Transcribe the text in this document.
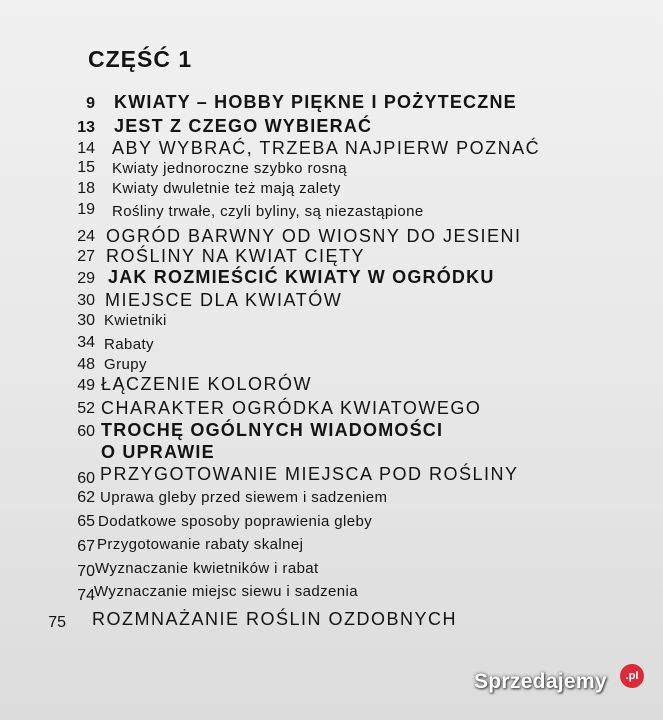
CZĘŚĆ 1
9 KWIATY – HOBBY PIĘKNE I POŻYTECZNE
13 JEST Z CZEGO WYBIERAĆ
14 ABY WYBRAĆ, TRZEBA NAJPIERW POZNAĆ
15 Kwiaty jednoroczne szybko rosną
18 Kwiaty dwuletnie też mają zalety
19 Rośliny trwałe, czyli byliny, są niezastąpione
24 OGRÓD BARWNY OD WIOSNY DO JESIENI
27 ROŚLINY NA KWIAT CIĘTY
29 JAK ROZMIEŚCIĆ KWIATY W OGRÓDKU
30 MIEJSCE DLA KWIATÓW
30 Kwietniki
34 Rabaty
48 Grupy
49 ŁĄCZENIE KOLORÓW
52 CHARAKTER OGRÓDKA KWIATOWEGO
60 TROCHĘ OGÓLNYCH WIADOMOŚCI
O UPRAWIE
60 PRZYGOTOWANIE MIEJSCA POD ROŚLINY
62 Uprawa gleby przed siewem i sadzeniem
65 Dodatkowe sposoby poprawienia gleby
67 Przygotowanie rabaty skalnej
70 Wyznaczanie kwietników i rabat
74 Wyznaczanie miejsc siewu i sadzenia
75 ROZMNAŻANIE ROŚLIN OZDOBNYCH
Sprzedajemy	.pl
